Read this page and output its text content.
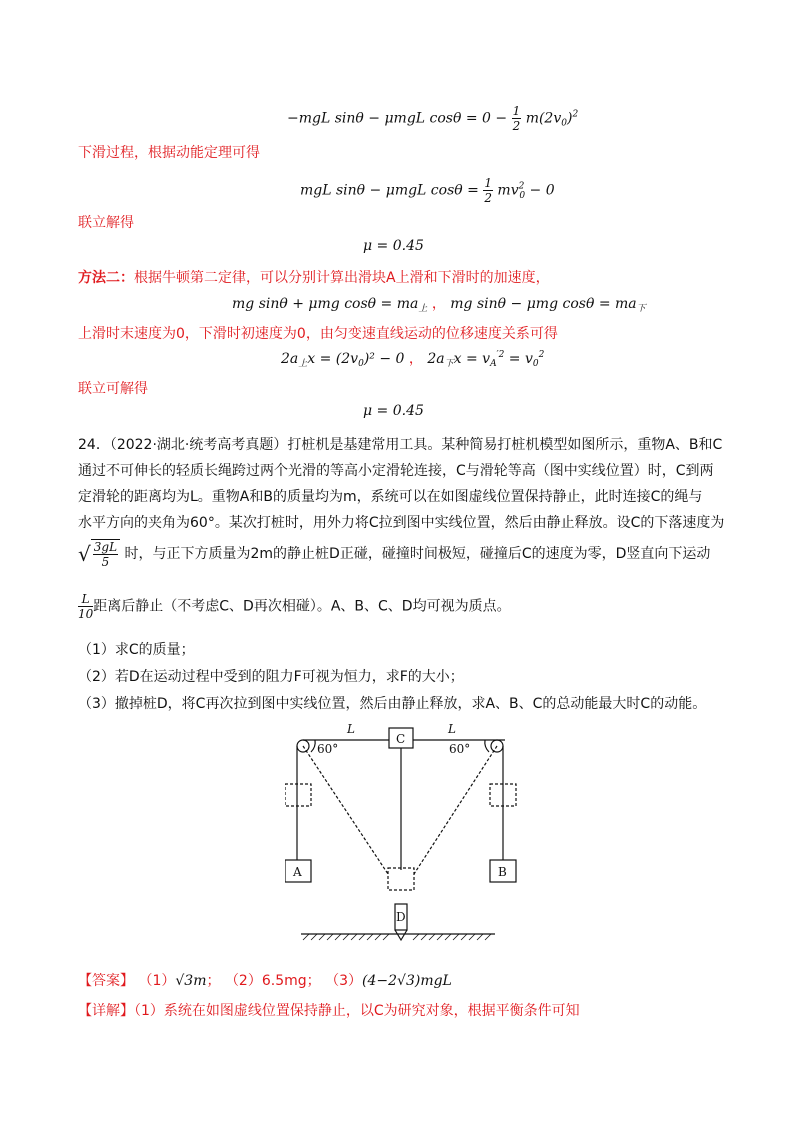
−mgL sinθ − μmgL $\cos\theta = 0 - \frac{1}{2} m(2v_0)^2$
下滑过程，根据动能定理可得
mgL sinθ − μmgL $\cos\theta = \frac{1}{2} mv^2_0 - 0$
联立解得
μ = 0.45
方法二：根据牛顿第二定律，可以分别计算出滑块A上滑和下滑时的加速度，
mg sinθ + μmg $\cos\theta = ma_上$ ， mg sinθ − μmg $\cos\theta = ma_下$
上滑时末速度为0，下滑时初速度为0，由匀变速直线运动的位移速度关系可得
$2a_上x = (2v_0)^2 - 0$ ， $2a_下x = v_A^{'2} = v_0^2$
联立可解得
μ = 0.45
24．（2022·湖北·统考高考真题）打桩机是基建常用工具。某种简易打桩机模型如图所示，重物A、B和C
通过不可伸长的轻质长绳跨过两个光滑的等高小定滑轮连接，C与滑轮等高（图中实线位置）时，C到两
定滑轮的距离均为L。重物A和B的质量均为m，系统可以在如图虚线位置保持静止，此时连接C的绳与
水平方向的夹角为60°。某次打桩时，用外力将C拉到图中实线位置，然后由静止释放。设C的下落速度为
√ $\frac{3gL}{5}$ 时，与正下方质量为2m的静止桩D正碰，碰撞时间极短，碰撞后C的速度为零，D竖直向下运动
$\frac{L}{10}$ 距离后静止（不考虑C、D再次相碰）。A、B、C、D均可视为质点。
（1）求C的质量；
（2）若D在运动过程中受到的阻力F可视为恒力，求F的大小；
（3）撤掉桩D，将C再次拉到图中实线位置，然后由静止释放，求A、B、C的总动能最大时C的动能。
L	L
C
60°	60°
A	B
D
【答案】 （1）√3m； （2）6.5mg； （3）(4−2√3)mgL
【详解】（1）系统在如图虚线位置保持静止，以C为研究对象，根据平衡条件可知
